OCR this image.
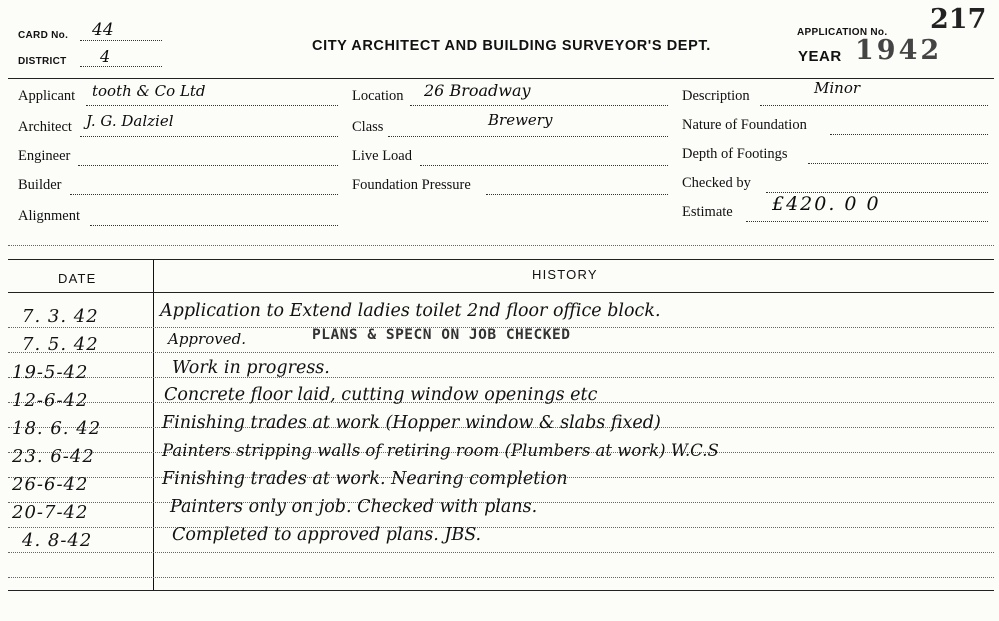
CARD No. 44
DISTRICT 4
CITY ARCHITECT AND BUILDING SURVEYOR'S DEPT.
APPLICATION No. 217
YEAR 1942
Applicant tooth & Co Ltd
Architect J. G. Dalziel
Engineer
Builder
Alignment
Location 26 Broadway
Class	Brewery
Live Load
Foundation Pressure
Description	Minor
Nature of Foundation
Depth of Footings
Checked by
Estimate £420. 0 0
DATE	HISTORY
7. 3. 42	Application to Extend ladies toilet 2nd floor office block.
7. 5. 42	Approved.	PLANS & SPECN ON JOB CHECKED
19-5-42	Work in progress.
12-6-42	Concrete floor laid, cutting window openings etc
18. 6. 42	Finishing trades at work (Hopper window & slabs fixed)
23. 6-42	Painters stripping walls of retiring room (Plumbers at work) W.C.S
26-6-42	Finishing trades at work. Nearing completion
20-7-42	Painters only on job. Checked with plans.
4. 8-42	Completed to approved plans. JBS.
